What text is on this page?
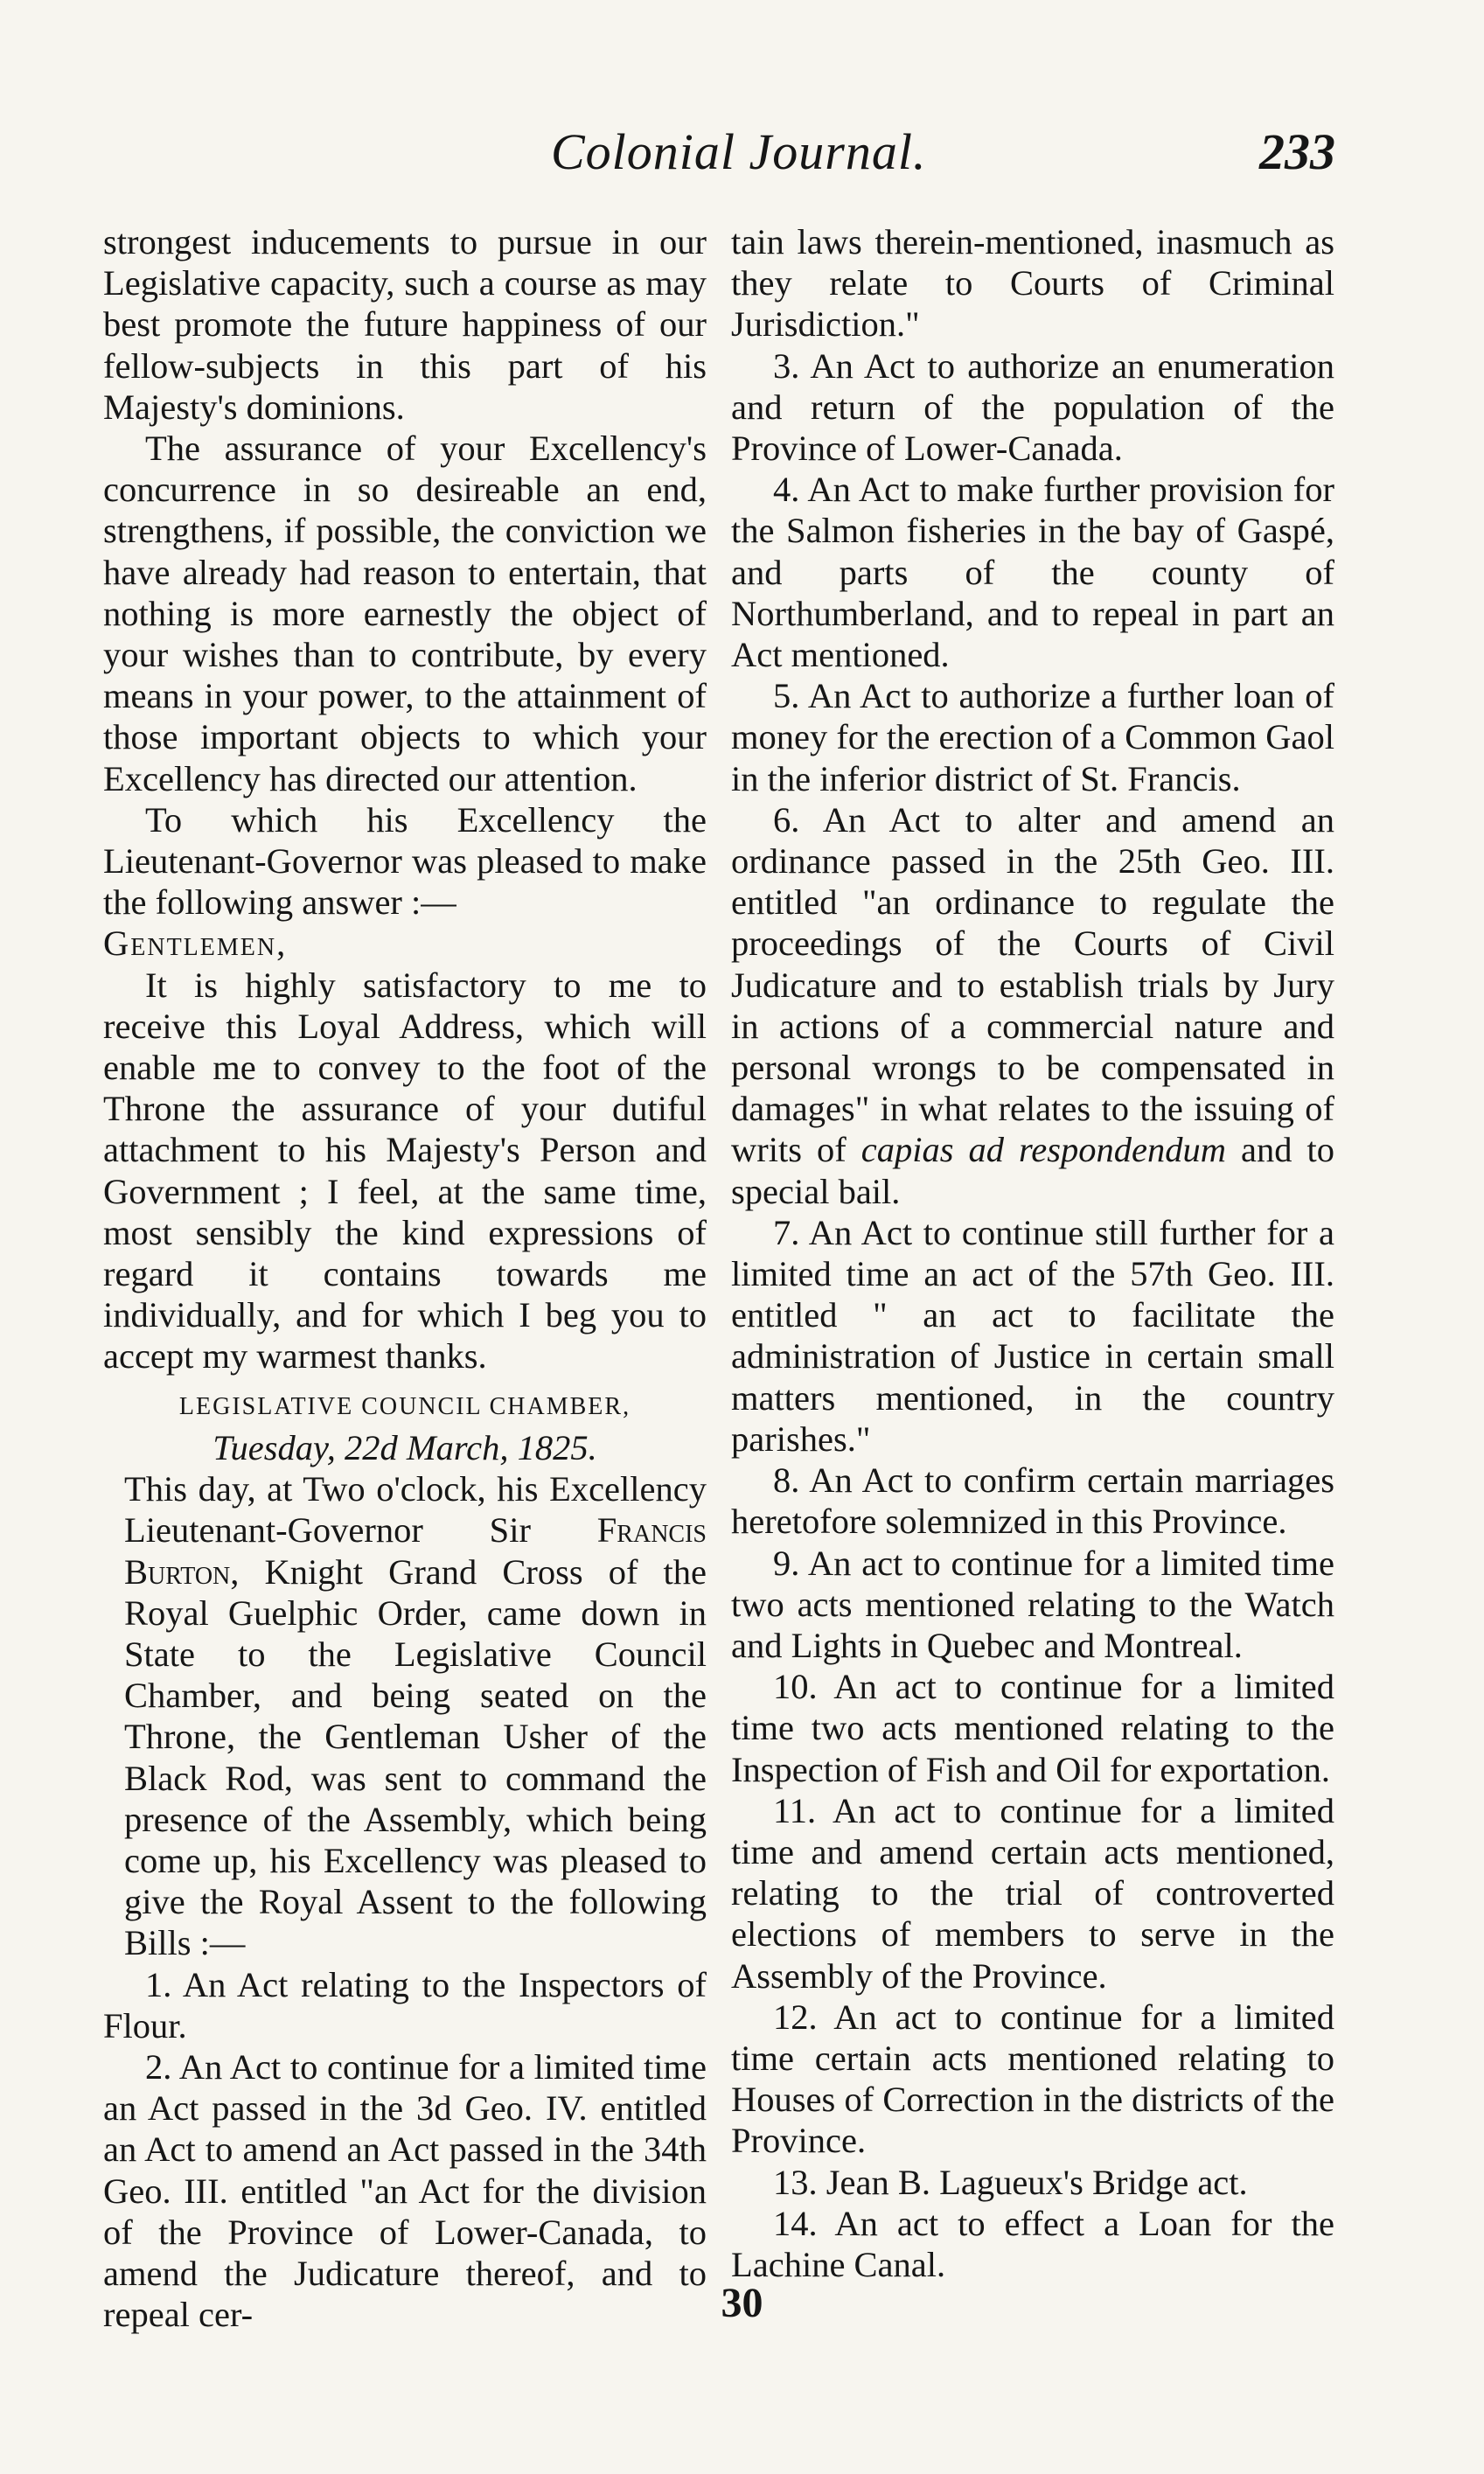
Colonial Journal.	233

strongest inducements to pursue in our Legislative capacity, such a course as may best promote the future happiness of our fellow-subjects in this part of his Majesty's dominions.

The assurance of your Excellency's concurrence in so desireable an end, strengthens, if possible, the conviction we have already had reason to entertain, that nothing is more earnestly the object of your wishes than to contribute, by every means in your power, to the attainment of those important objects to which your Excellency has directed our attention.

To which his Excellency the Lieutenant-Governor was pleased to make the following answer :—

Gentlemen,

It is highly satisfactory to me to receive this Loyal Address, which will enable me to convey to the foot of the Throne the assurance of your dutiful attachment to his Majesty's Person and Government ; I feel, at the same time, most sensibly the kind expressions of regard it contains towards me individually, and for which I beg you to accept my warmest thanks.

LEGISLATIVE COUNCIL CHAMBER,

Tuesday, 22d March, 1825.

This day, at Two o'clock, his Excellency Lieutenant-Governor Sir Francis Burton, Knight Grand Cross of the Royal Guelphic Order, came down in State to the Legislative Council Chamber, and being seated on the Throne, the Gentleman Usher of the Black Rod, was sent to command the presence of the Assembly, which being come up, his Excellency was pleased to give the Royal Assent to the following Bills :—

1. An Act relating to the Inspectors of Flour.

2. An Act to continue for a limited time an Act passed in the 3d Geo. IV. entitled an Act to amend an Act passed in the 34th Geo. III. entitled "an Act for the division of the Province of Lower-Canada, to amend the Judicature thereof, and to repeal cer-

tain laws therein-mentioned, inasmuch as they relate to Courts of Criminal Jurisdiction."

3. An Act to authorize an enumeration and return of the population of the Province of Lower-Canada.

4. An Act to make further provision for the Salmon fisheries in the bay of Gaspé, and parts of the county of Northumberland, and to repeal in part an Act mentioned.

5. An Act to authorize a further loan of money for the erection of a Common Gaol in the inferior district of St. Francis.

6. An Act to alter and amend an ordinance passed in the 25th Geo. III. entitled "an ordinance to regulate the proceedings of the Courts of Civil Judicature and to establish trials by Jury in actions of a commercial nature and personal wrongs to be compensated in damages" in what relates to the issuing of writs of capias ad respondendum and to special bail.

7. An Act to continue still further for a limited time an act of the 57th Geo. III. entitled " an act to facilitate the administration of Justice in certain small matters mentioned, in the country parishes."

8. An Act to confirm certain marriages heretofore solemnized in this Province.

9. An act to continue for a limited time two acts mentioned relating to the Watch and Lights in Quebec and Montreal.

10. An act to continue for a limited time two acts mentioned relating to the Inspection of Fish and Oil for exportation.

11. An act to continue for a limited time and amend certain acts mentioned, relating to the trial of controverted elections of members to serve in the Assembly of the Province.

12. An act to continue for a limited time certain acts mentioned relating to Houses of Correction in the districts of the Province.

13. Jean B. Lagueux's Bridge act.

14. An act to effect a Loan for the Lachine Canal.

30
